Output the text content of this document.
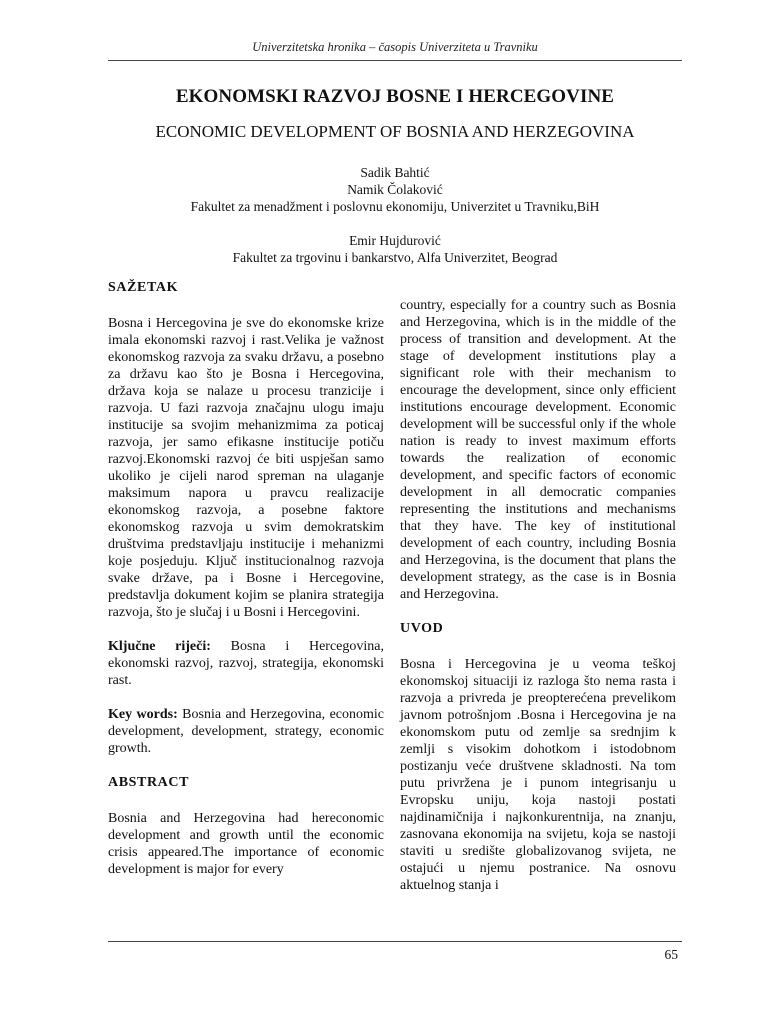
Univerzitetska hronika – časopis Univerziteta u Travniku
EKONOMSKI RAZVOJ BOSNE I HERCEGOVINE
ECONOMIC DEVELOPMENT OF BOSNIA AND HERZEGOVINA
Sadik Bahtić
Namik Čolaković
Fakultet za menadžment i poslovnu ekonomiju, Univerzitet u Travniku,BiH
Emir Hujdurović
Fakultet za trgovinu i bankarstvo, Alfa Univerzitet, Beograd
SAŽETAK

Bosna i Hercegovina je sve do ekonomske krize imala ekonomski razvoj i rast.Velika je važnost ekonomskog razvoja za svaku državu, a posebno za državu kao što je Bosna i Hercegovina, država koja se nalaze u procesu tranzicije i razvoja. U fazi razvoja značajnu ulogu imaju institucije sa svojim mehanizmima za poticaj razvoja, jer samo efikasne institucije potiču razvoj.Ekonomski razvoj će biti uspješan samo ukoliko je cijeli narod spreman na ulaganje maksimum napora u pravcu realizacije ekonomskog razvoja, a posebne faktore ekonomskog razvoja u svim demokratskim društvima predstavljaju institucije i mehanizmi koje posjeduju. Ključ institucionalnog razvoja svake države, pa i Bosne i Hercegovine, predstavlja dokument kojim se planira strategija razvoja, što je slučaj i u Bosni i Hercegovini.

Ključne riječi: Bosna i Hercegovina, ekonomski razvoj, razvoj, strategija, ekonomski rast.

Key words: Bosnia and Herzegovina, economic development, development, strategy, economic growth.

ABSTRACT

Bosnia and Herzegovina had hereconomic development and growth until the economic crisis appeared.The importance of economic development is major for every

country, especially for a country such as Bosnia and Herzegovina, which is in the middle of the process of transition and development. At the stage of development institutions play a significant role with their mechanism to encourage the development, since only efficient institutions encourage development. Economic development will be successful only if the whole nation is ready to invest maximum efforts towards the realization of economic development, and specific factors of economic development in all democratic companies representing the institutions and mechanisms that they have. The key of institutional development of each country, including Bosnia and Herzegovina, is the document that plans the development strategy, as the case is in Bosnia and Herzegovina.

UVOD

Bosna i Hercegovina je u veoma teškoj ekonomskoj situaciji iz razloga što nema rasta i razvoja a privreda je preopterećena prevelikom javnom potrošnjom .Bosna i Hercegovina je na ekonomskom putu od zemlje sa srednjim k zemlji s visokim dohotkom i istodobnom postizanju veće društvene skladnosti. Na tom putu privržena je i punom integrisanju u Evropsku uniju, koja nastoji postati najdinamičnija i najkonkurentnija, na znanju, zasnovana ekonomija na svijetu, koja se nastoji staviti u središte globalizovanog svijeta, ne ostajući u njemu postranice. Na osnovu aktuelnog stanja i

65
